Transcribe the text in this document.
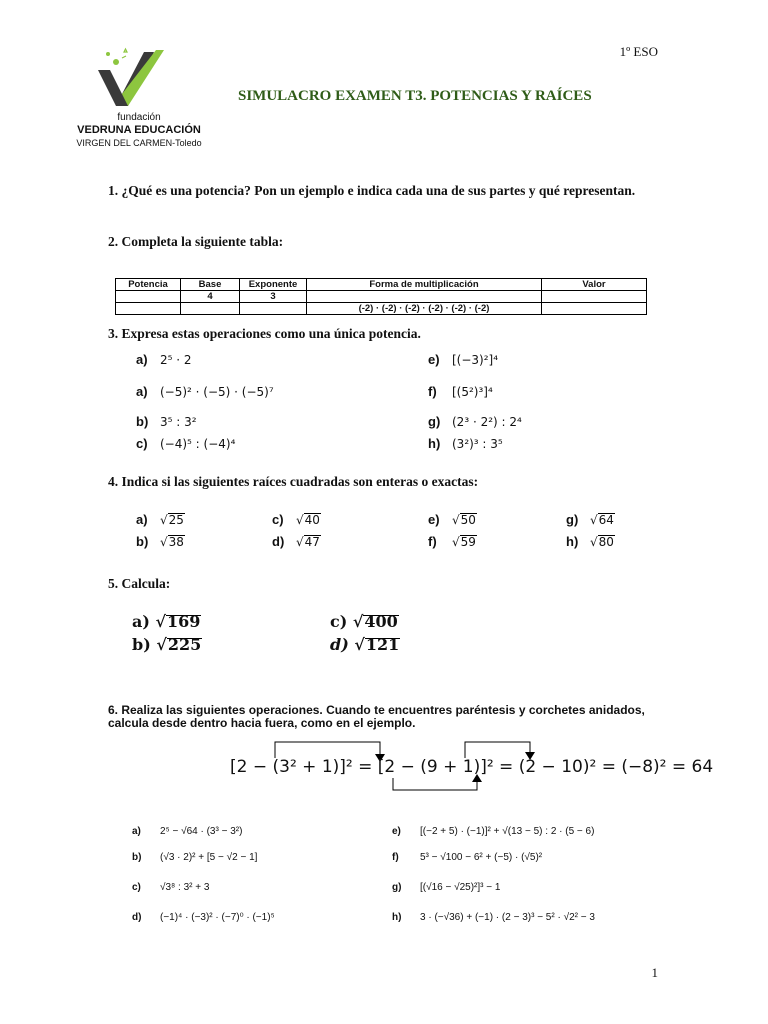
1º ESO
fundación
VEDRUNA EDUCACIÓN
VIRGEN DEL CARMEN-Toledo
SIMULACRO EXAMEN T3. POTENCIAS Y RAÍCES
1. ¿Qué es una potencia? Pon un ejemplo e indica cada una de sus partes y qué representan.
2. Completa la siguiente tabla:
Potencia	Base	Exponente	Forma de multiplicación	Valor
	4	3		
			(-2) · (-2) · (-2) · (-2) · (-2) · (-2)	
3. Expresa estas operaciones como una única potencia.
a) 2⁵ · 2
a) (−5)² · (−5) · (−5)⁷
b) 3⁵ : 3²
c) (−4)⁵ : (−4)⁴
e) [(−3)²]⁴
f) [(5²)³]⁴
g) (2³ · 2²) : 2⁴
h) (3²)³ : 3⁵
4. Indica si las siguientes raíces cuadradas son enteras o exactas:
a) √25	c) √40	e) √50	g) √64
b) √38	d) √47	f) √59	h) √80
5. Calcula:
a) √169	c) √400
b) √225	d) √121
6. Realiza las siguientes operaciones. Cuando te encuentres paréntesis y corchetes anidados, calcula desde dentro hacia fuera, como en el ejemplo.
[2 − (3² + 1)]² = [2 − (9 + 1)]² = (2 − 10)² = (−8)² = 64
a) 2⁵ − √64 · (3³ − 3²)
b) (√3 · 2)² + [5 − √2 − 1]
c) √3⁸ : 3² + 3
d) (−1)⁴ · (−3)² · (−7)⁰ · (−1)⁵
e) [(−2 + 5) · (−1)]² + √(13 − 5) : 2 · (5 − 6)
f) 5³ − √100 − 6² + (−5) · (√5)²
g) [(√16 − √25)²]³ − 1
h) 3 · (−√36) + (−1) · (2 − 3)³ − 5² · √2² − 3
1
